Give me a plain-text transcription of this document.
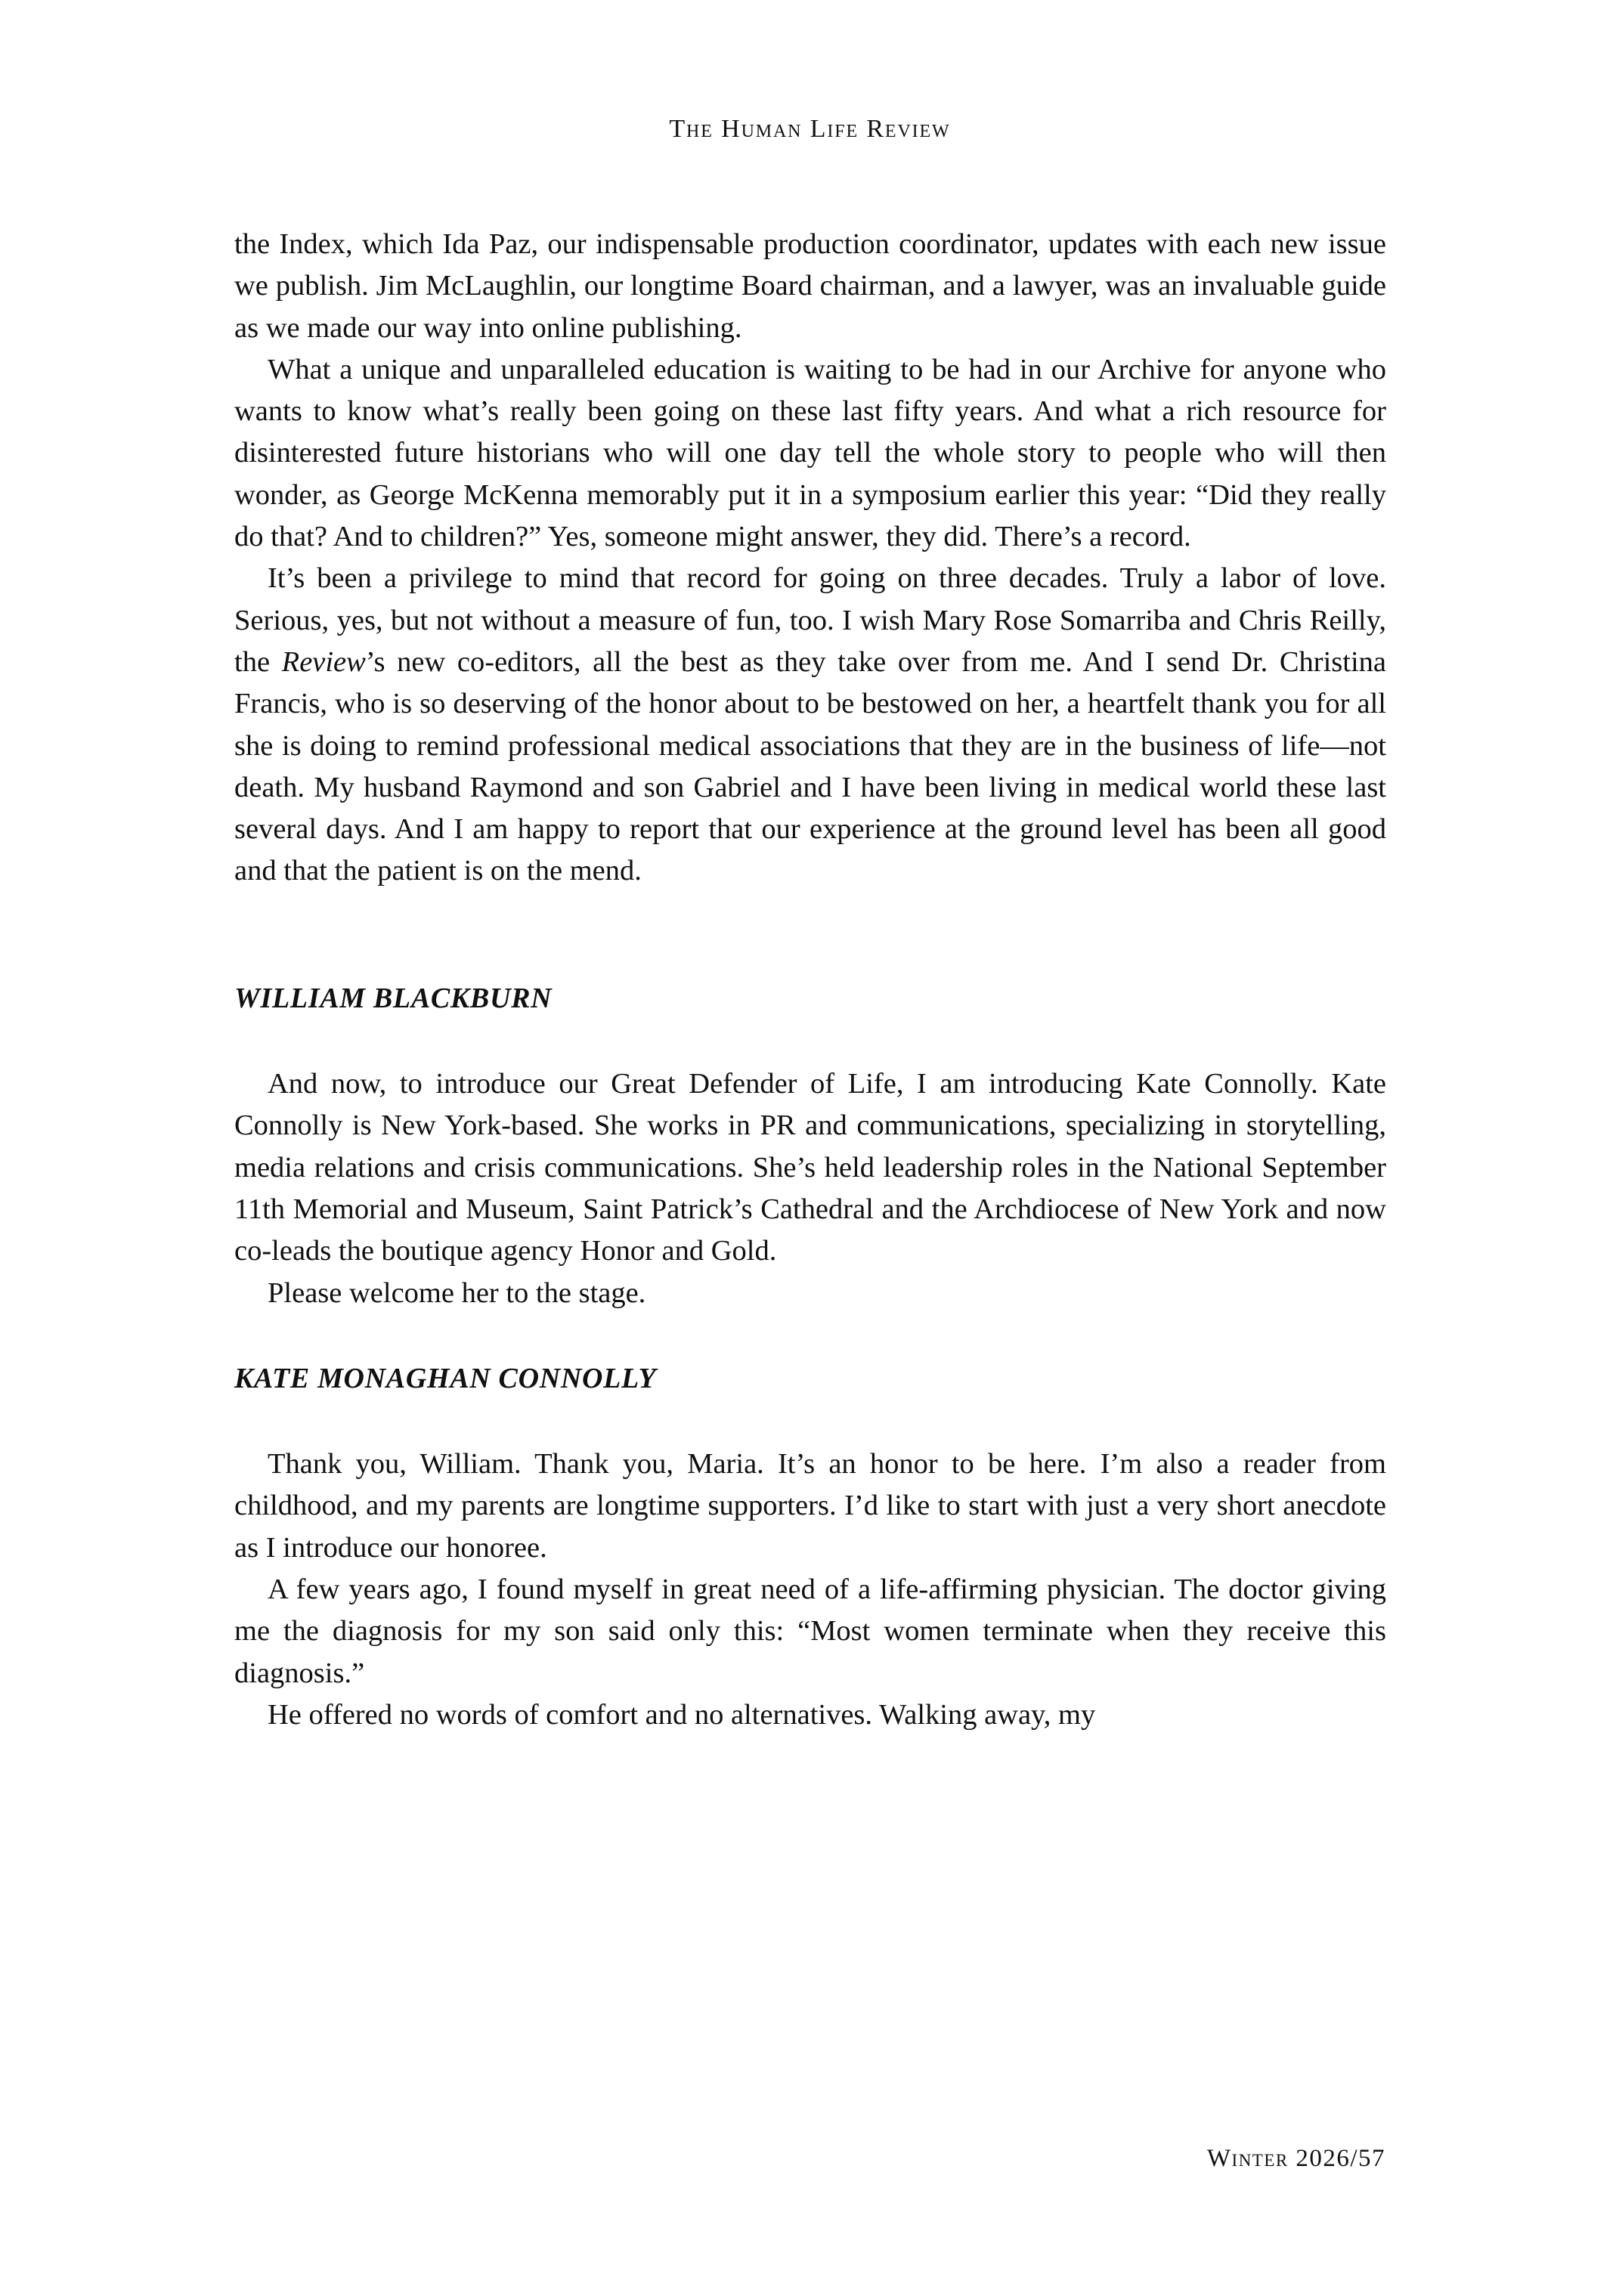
The Human Life Review

the Index, which Ida Paz, our indispensable production coordinator, updates with each new issue we publish. Jim McLaughlin, our longtime Board chairman, and a lawyer, was an invaluable guide as we made our way into online publishing.

What a unique and unparalleled education is waiting to be had in our Archive for anyone who wants to know what’s really been going on these last fifty years. And what a rich resource for disinterested future historians who will one day tell the whole story to people who will then wonder, as George McKenna memorably put it in a symposium earlier this year: “Did they really do that? And to children?” Yes, someone might answer, they did. There’s a record.

It’s been a privilege to mind that record for going on three decades. Truly a labor of love. Serious, yes, but not without a measure of fun, too. I wish Mary Rose Somarriba and Chris Reilly, the Review’s new co-editors, all the best as they take over from me. And I send Dr. Christina Francis, who is so deserving of the honor about to be bestowed on her, a heartfelt thank you for all she is doing to remind professional medical associations that they are in the business of life—not death. My husband Raymond and son Gabriel and I have been living in medical world these last several days. And I am happy to report that our experience at the ground level has been all good and that the patient is on the mend.

WILLIAM BLACKBURN

And now, to introduce our Great Defender of Life, I am introducing Kate Connolly. Kate Connolly is New York-based. She works in PR and communications, specializing in storytelling, media relations and crisis communications. She’s held leadership roles in the National September 11th Memorial and Museum, Saint Patrick’s Cathedral and the Archdiocese of New York and now co-leads the boutique agency Honor and Gold.

Please welcome her to the stage.

KATE MONAGHAN CONNOLLY

Thank you, William. Thank you, Maria. It’s an honor to be here. I’m also a reader from childhood, and my parents are longtime supporters. I’d like to start with just a very short anecdote as I introduce our honoree.

A few years ago, I found myself in great need of a life-affirming physician. The doctor giving me the diagnosis for my son said only this: “Most women terminate when they receive this diagnosis.”

He offered no words of comfort and no alternatives. Walking away, my

Winter 2026/57
